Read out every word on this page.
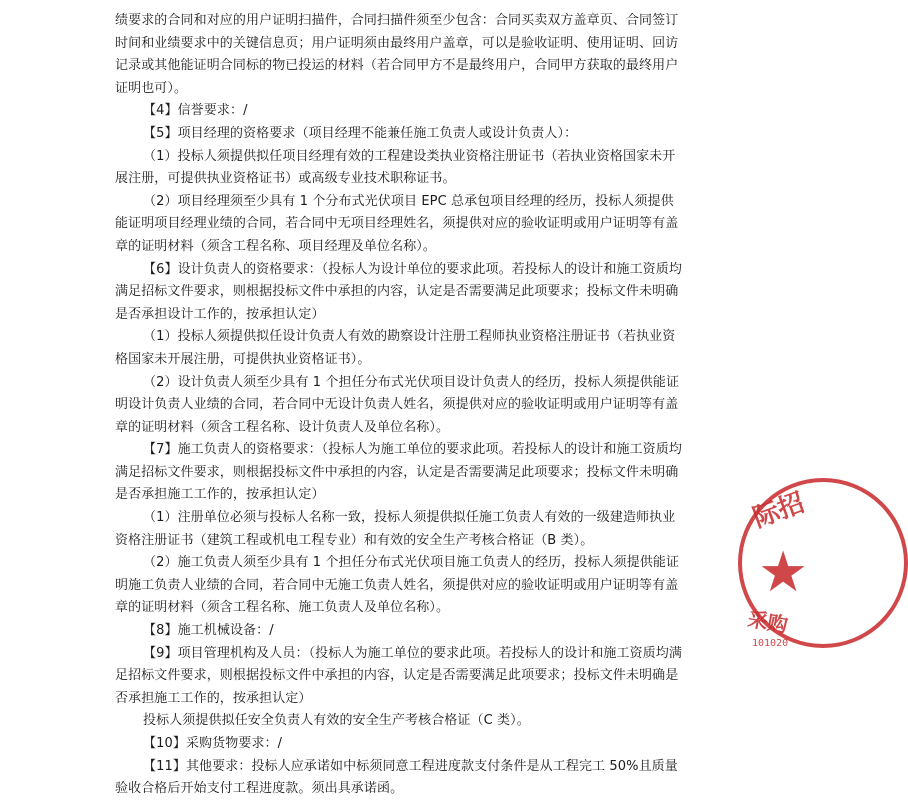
绩要求的合同和对应的用户证明扫描件，合同扫描件须至少包含：合同买卖双方盖章页、合同签订时间和业绩要求中的关键信息页；用户证明须由最终用户盖章，可以是验收证明、使用证明、回访记录或其他能证明合同标的物已投运的材料（若合同甲方不是最终用户，合同甲方获取的最终用户证明也可）。

【4】信誉要求：/

【5】项目经理的资格要求（项目经理不能兼任施工负责人或设计负责人）：

（1）投标人须提供拟任项目经理有效的工程建设类执业资格注册证书（若执业资格国家未开展注册，可提供执业资格证书）或高级专业技术职称证书。

（2）项目经理须至少具有 1 个分布式光伏项目 EPC 总承包项目经理的经历，投标人须提供能证明项目经理业绩的合同，若合同中无项目经理姓名，须提供对应的验收证明或用户证明等有盖章的证明材料（须含工程名称、项目经理及单位名称）。

【6】设计负责人的资格要求：（投标人为设计单位的要求此项。若投标人的设计和施工资质均满足招标文件要求，则根据投标文件中承担的内容，认定是否需要满足此项要求；投标文件未明确是否承担设计工作的，按承担认定）

（1）投标人须提供拟任设计负责人有效的勘察设计注册工程师执业资格注册证书（若执业资格国家未开展注册，可提供执业资格证书）。

（2）设计负责人须至少具有 1 个担任分布式光伏项目设计负责人的经历，投标人须提供能证明设计负责人业绩的合同，若合同中无设计负责人姓名，须提供对应的验收证明或用户证明等有盖章的证明材料（须含工程名称、设计负责人及单位名称）。

【7】施工负责人的资格要求：（投标人为施工单位的要求此项。若投标人的设计和施工资质均满足招标文件要求，则根据投标文件中承担的内容，认定是否需要满足此项要求；投标文件未明确是否承担施工工作的，按承担认定）

（1）注册单位必须与投标人名称一致，投标人须提供拟任施工负责人有效的一级建造师执业资格注册证书（建筑工程或机电工程专业）和有效的安全生产考核合格证（B 类）。

（2）施工负责人须至少具有 1 个担任分布式光伏项目施工负责人的经历，投标人须提供能证明施工负责人业绩的合同，若合同中无施工负责人姓名，须提供对应的验收证明或用户证明等有盖章的证明材料（须含工程名称、施工负责人及单位名称）。

【8】施工机械设备：/

【9】项目管理机构及人员：（投标人为施工单位的要求此项。若投标人的设计和施工资质均满足招标文件要求，则根据投标文件中承担的内容，认定是否需要满足此项要求；投标文件未明确是否承担施工工作的，按承担认定）

投标人须提供拟任安全负责人有效的安全生产考核合格证（C 类）。

【10】采购货物要求：/

【11】其他要求：投标人应承诺如中标须同意工程进度款支付条件是从工程完工 50%且质量验收合格后开始支付工程进度款。须出具承诺函。

际招
★
采购
101020
